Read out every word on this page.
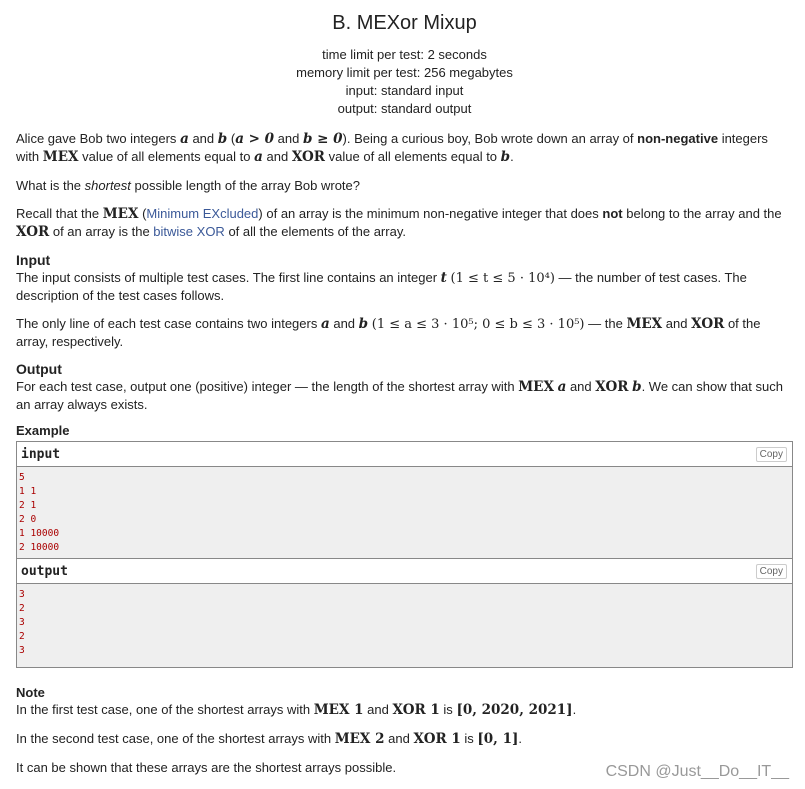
B. MEXor Mixup
time limit per test: 2 seconds
memory limit per test: 256 megabytes
input: standard input
output: standard output

Alice gave Bob two integers a and b (a > 0 and b ≥ 0). Being a curious boy, Bob wrote down an array of non-negative integers with MEX value of all elements equal to a and XOR value of all elements equal to b.

What is the shortest possible length of the array Bob wrote?

Recall that the MEX (Minimum EXcluded) of an array is the minimum non-negative integer that does not belong to the array and the XOR of an array is the bitwise XOR of all the elements of the array.

Input

The input consists of multiple test cases. The first line contains an integer t (1 ≤ t ≤ 5 · 10⁴) — the number of test cases. The description of the test cases follows.

The only line of each test case contains two integers a and b (1 ≤ a ≤ 3 · 10⁵; 0 ≤ b ≤ 3 · 10⁵) — the MEX and XOR of the array, respectively.

Output

For each test case, output one (positive) integer — the length of the shortest array with MEX a and XOR b. We can show that such an array always exists.

Example
input	Copy
5
1 1
2 1
2 0
1 10000
2 10000
output	Copy
3
2
3
2
3
Note

In the first test case, one of the shortest arrays with MEX 1 and XOR 1 is [0, 2020, 2021].

In the second test case, one of the shortest arrays with MEX 2 and XOR 1 is [0, 1].

It can be shown that these arrays are the shortest arrays possible.	CSDN @Just__Do__IT__
